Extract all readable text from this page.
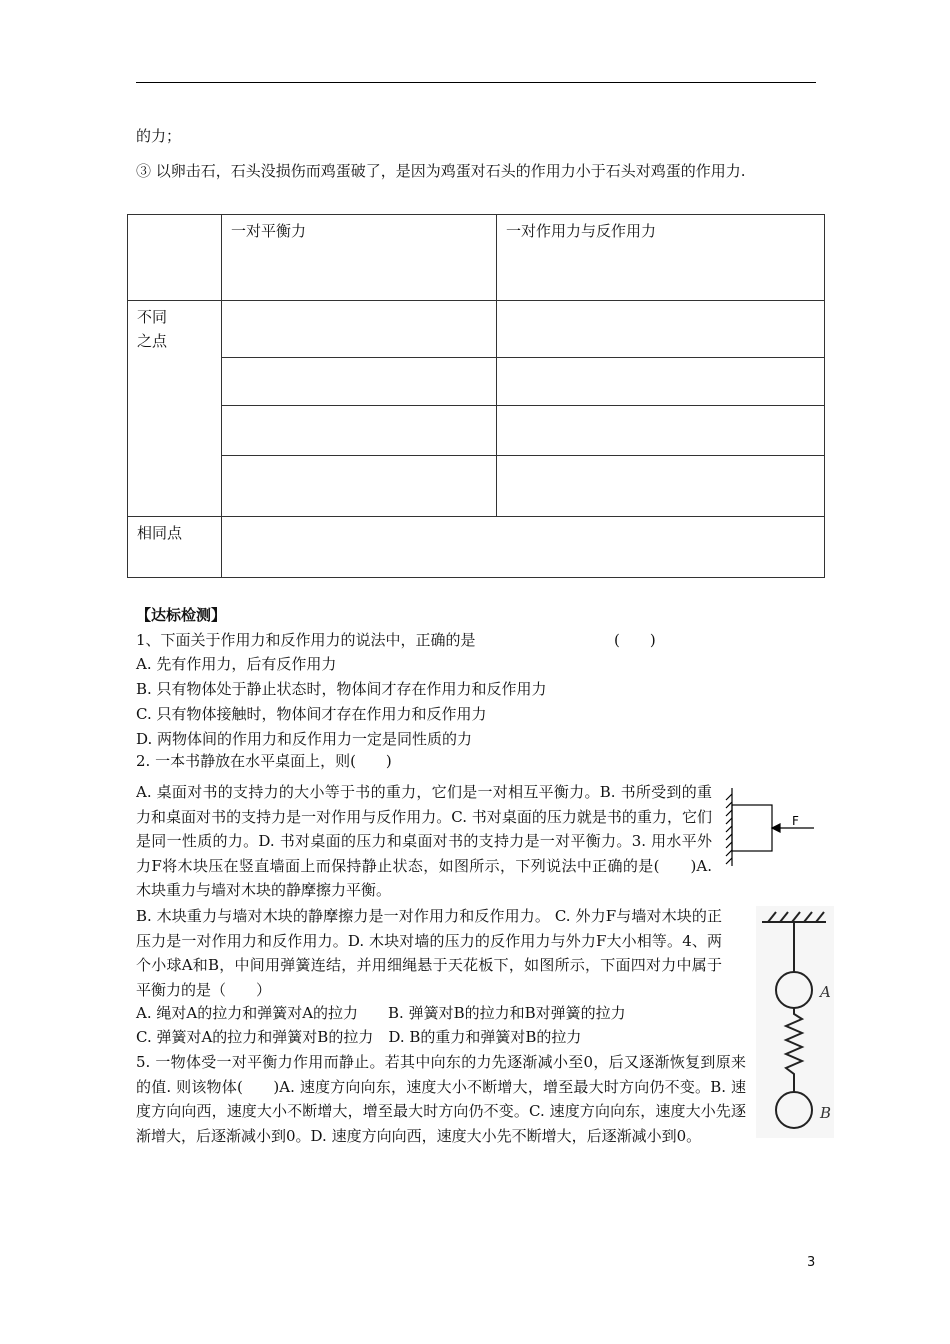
的力；
③ 以卵击石，石头没损伤而鸡蛋破了，是因为鸡蛋对石头的作用力小于石头对鸡蛋的作用力.
	一对平衡力	一对作用力与反作用力
不同
之点		

相同点		
【达标检测】
1、下面关于作用力和反作用力的说法中，正确的是	(　　)
A. 先有作用力，后有反作用力
B. 只有物体处于静止状态时，物体间才存在作用力和反作用力
C. 只有物体接触时，物体间才存在作用力和反作用力
D. 两物体间的作用力和反作用力一定是同性质的力
2. 一本书静放在水平桌面上，则(　　)
A. 桌面对书的支持力的大小等于书的重力，它们是一对相互平衡力。B. 书所受到的重力和桌面对书的支持力是一对作用与反作用力。C. 书对桌面的压力就是书的重力，它们是同一性质的力。D. 书对桌面的压力和桌面对书的支持力是一对平衡力。3. 用水平外力F将木块压在竖直墙面上而保持静止状态，如图所示，下列说法中正确的是(　　)A. 木块重力与墙对木块的静摩擦力平衡。
B. 木块重力与墙对木块的静摩擦力是一对作用力和反作用力。 C. 外力F与墙对木块的正压力是一对作用力和反作用力。D. 木块对墙的压力的反作用力与外力F大小相等。4、两个小球A和B，中间用弹簧连结，并用细绳悬于天花板下，如图所示，下面四对力中属于平衡力的是（　　）
A. 绳对A的拉力和弹簧对A的拉力　　B. 弹簧对B的拉力和B对弹簧的拉力
C. 弹簧对A的拉力和弹簧对B的拉力　D. B的重力和弹簧对B的拉力
5. 一物体受一对平衡力作用而静止。若其中向东的力先逐渐减小至0，后又逐渐恢复到原来的值. 则该物体(　　)A. 速度方向向东，速度大小不断增大，增至最大时方向仍不变。B. 速度方向向西，速度大小不断增大，增至最大时方向仍不变。C. 速度方向向东，速度大小先逐渐增大，后逐渐减小到0。D. 速度方向向西，速度大小先不断增大，后逐渐减小到0。
F
A
B
3
